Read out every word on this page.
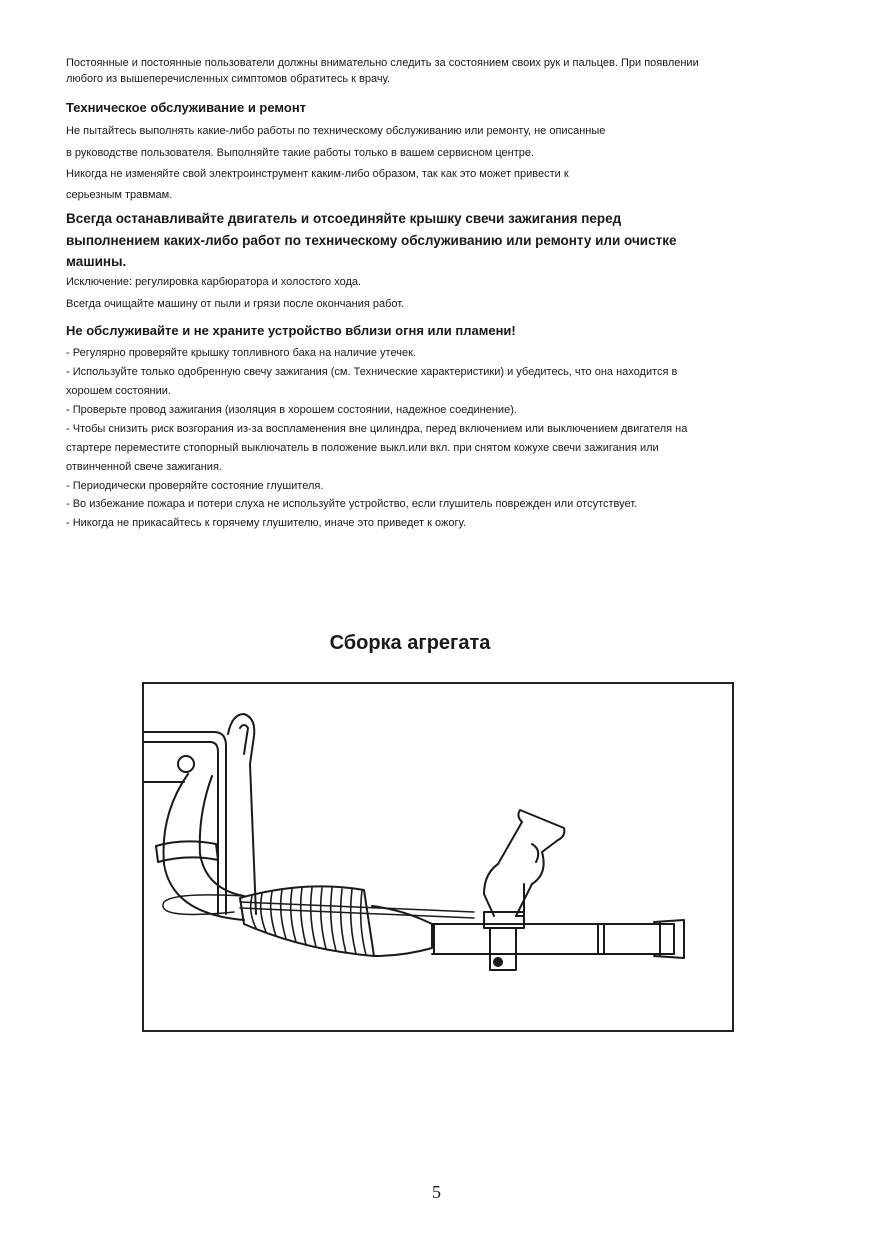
Постоянные и постоянные пользователи должны внимательно следить за состоянием своих рук и пальцев. При появлении
любого из вышеперечисленных симптомов обратитесь к врачу.
Техническое обслуживание и ремонт
Не пытайтесь выполнять какие-либо работы по техническому обслуживанию или ремонту, не описанные
в руководстве пользователя. Выполняйте такие работы только в вашем сервисном центре.
Никогда не изменяйте свой электроинструмент каким-либо образом, так как это может привести к
серьезным травмам.
Всегда останавливайте двигатель и отсоединяйте крышку свечи зажигания перед
выполнением каких-либо работ по техническому обслуживанию или ремонту или очистке
машины.
Исключение: регулировка карбюратора и холостого хода.
Всегда очищайте машину от пыли и грязи после окончания работ.
Не обслуживайте и не храните устройство вблизи огня или пламени!
- Регулярно проверяйте крышку топливного бака на наличие утечек.
- Используйте только одобренную свечу зажигания (см. Технические характеристики) и убедитесь, что она находится в
хорошем состоянии.
- Проверьте провод зажигания (изоляция в хорошем состоянии, надежное соединение).
- Чтобы снизить риск возгорания из-за воспламенения вне цилиндра, перед включением или выключением двигателя на
стартере переместите стопорный выключатель в положение выкл.или вкл. при снятом кожухе свечи зажигания или
отвинченной свече зажигания.
- Периодически проверяйте состояние глушителя.
- Во избежание пожара и потери слуха не используйте устройство, если глушитель поврежден или отсутствует.
- Никогда не прикасайтесь к горячему глушителю, иначе это приведет к ожогу.
Сборка агрегата
5
